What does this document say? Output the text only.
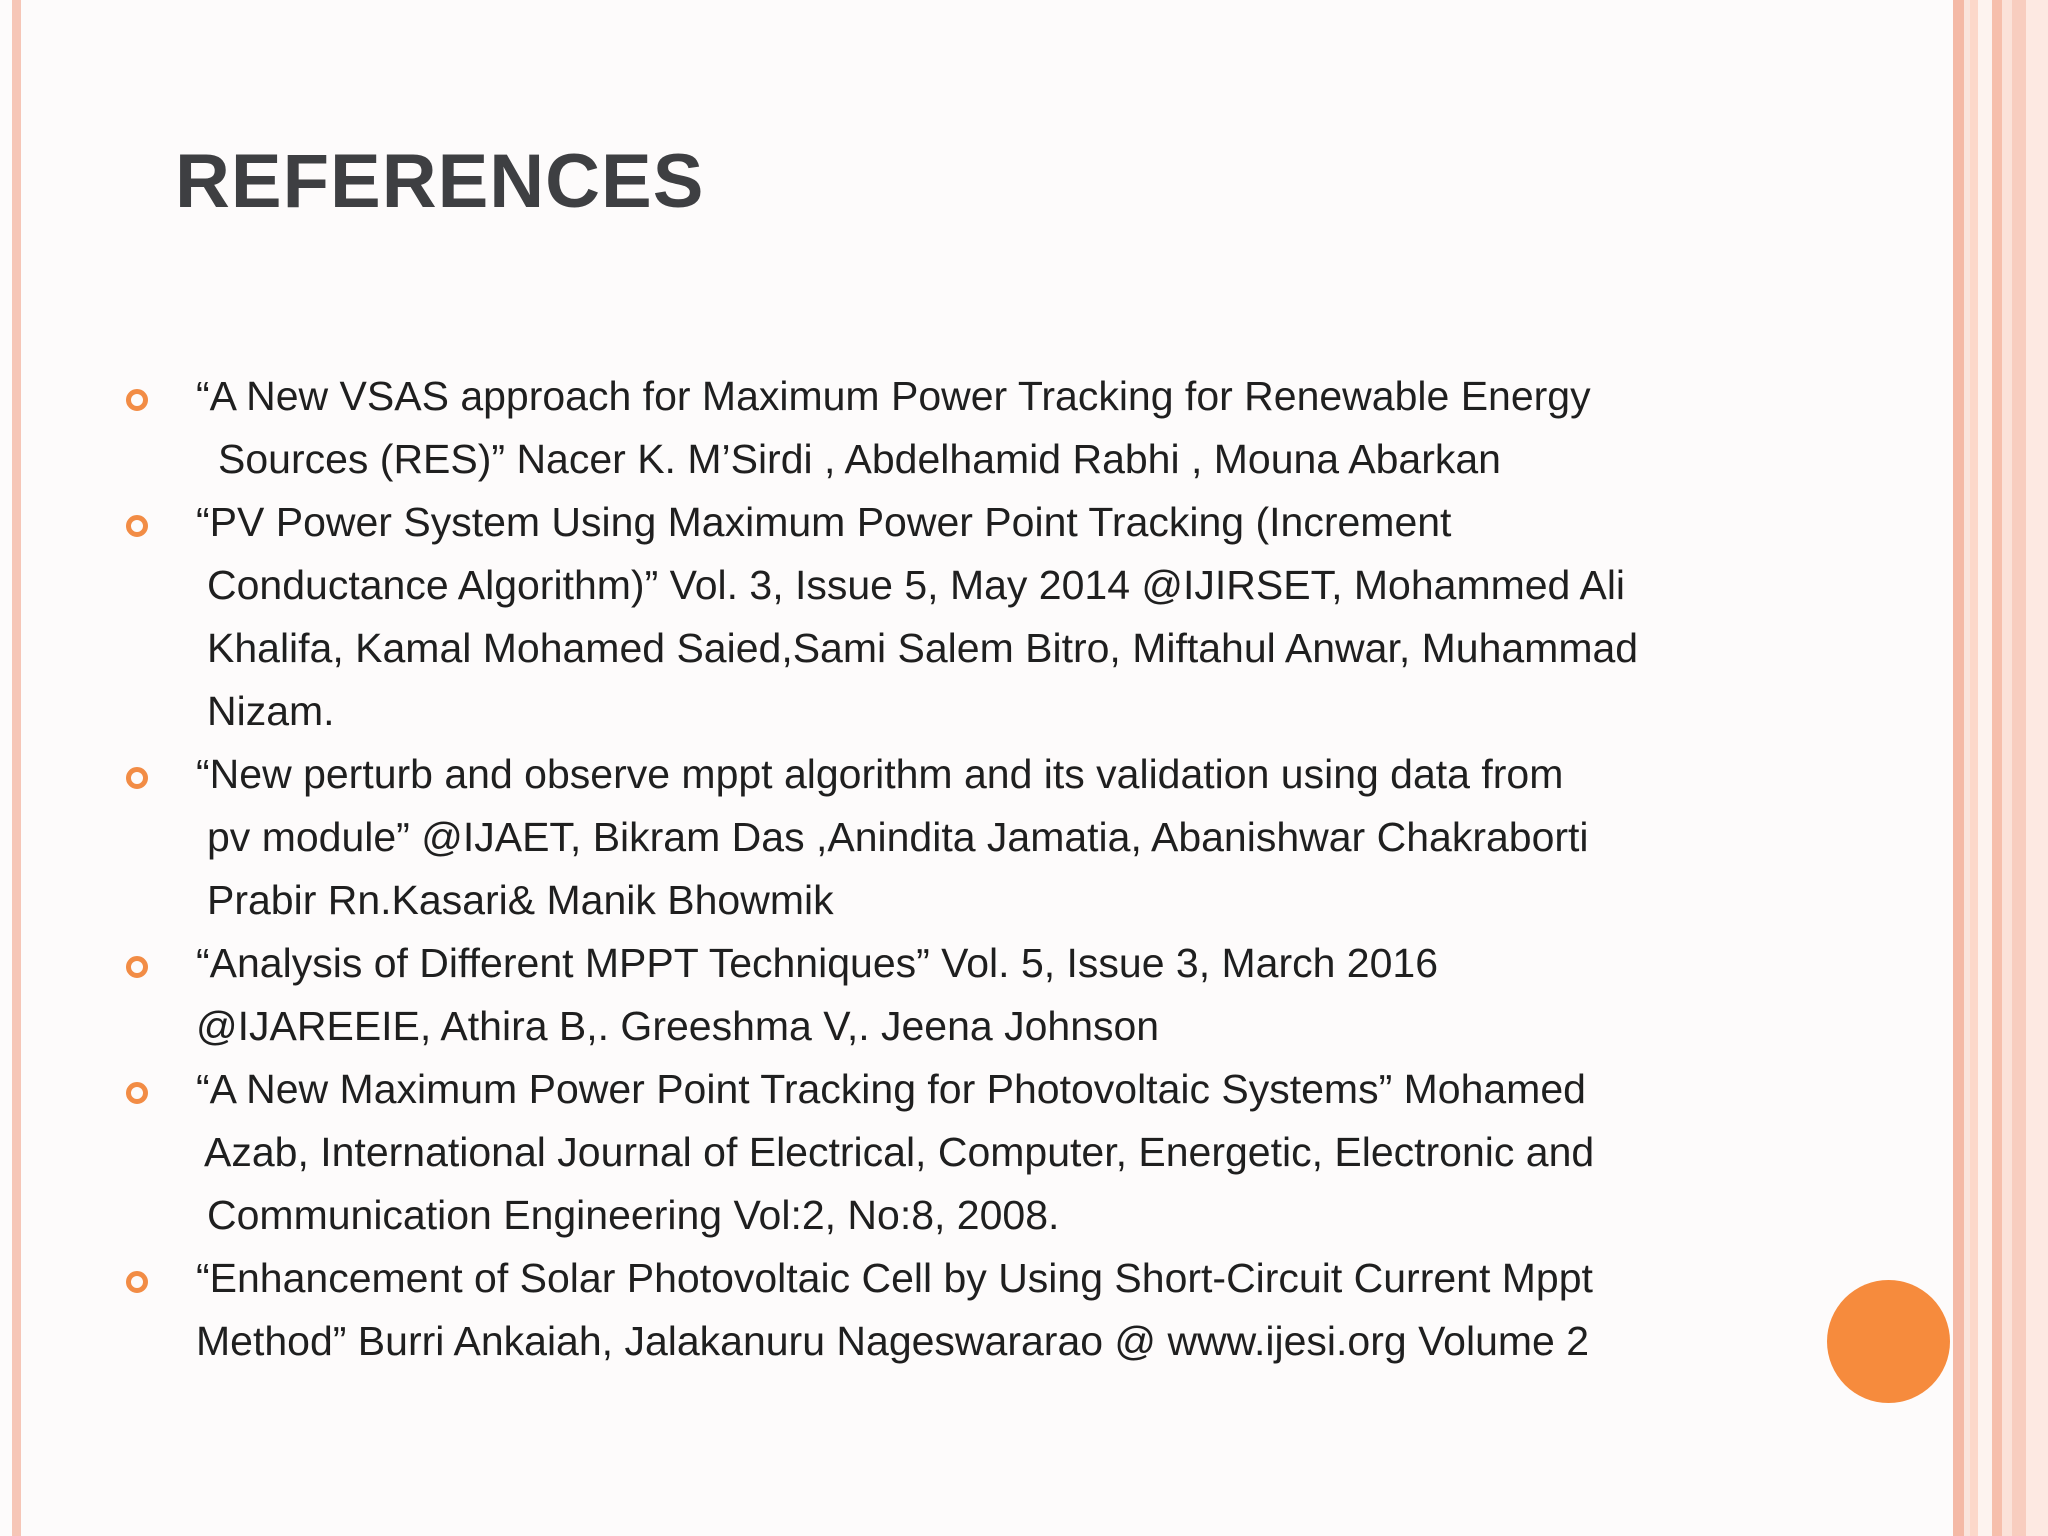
REFERENCES
“A New VSAS approach for Maximum Power Tracking for Renewable Energy
Sources (RES)” Nacer K. M’Sirdi , Abdelhamid Rabhi , Mouna Abarkan
“PV Power System Using Maximum Power Point Tracking (Increment
Conductance Algorithm)” Vol. 3, Issue 5, May 2014 @IJIRSET, Mohammed Ali
Khalifa, Kamal Mohamed Saied,Sami Salem Bitro, Miftahul Anwar, Muhammad
Nizam.
“New perturb and observe mppt algorithm and its validation using data from
pv module” @IJAET, Bikram Das ,Anindita Jamatia, Abanishwar Chakraborti
Prabir Rn.Kasari& Manik Bhowmik
“Analysis of Different MPPT Techniques” Vol. 5, Issue 3, March 2016
@IJAREEIE, Athira B,. Greeshma V,. Jeena Johnson
“A New Maximum Power Point Tracking for Photovoltaic Systems” Mohamed
Azab, International Journal of Electrical, Computer, Energetic, Electronic and
Communication Engineering Vol:2, No:8, 2008.
“Enhancement of Solar Photovoltaic Cell by Using Short-Circuit Current Mppt
Method” Burri Ankaiah, Jalakanuru Nageswararao @ www.ijesi.org Volume 2
